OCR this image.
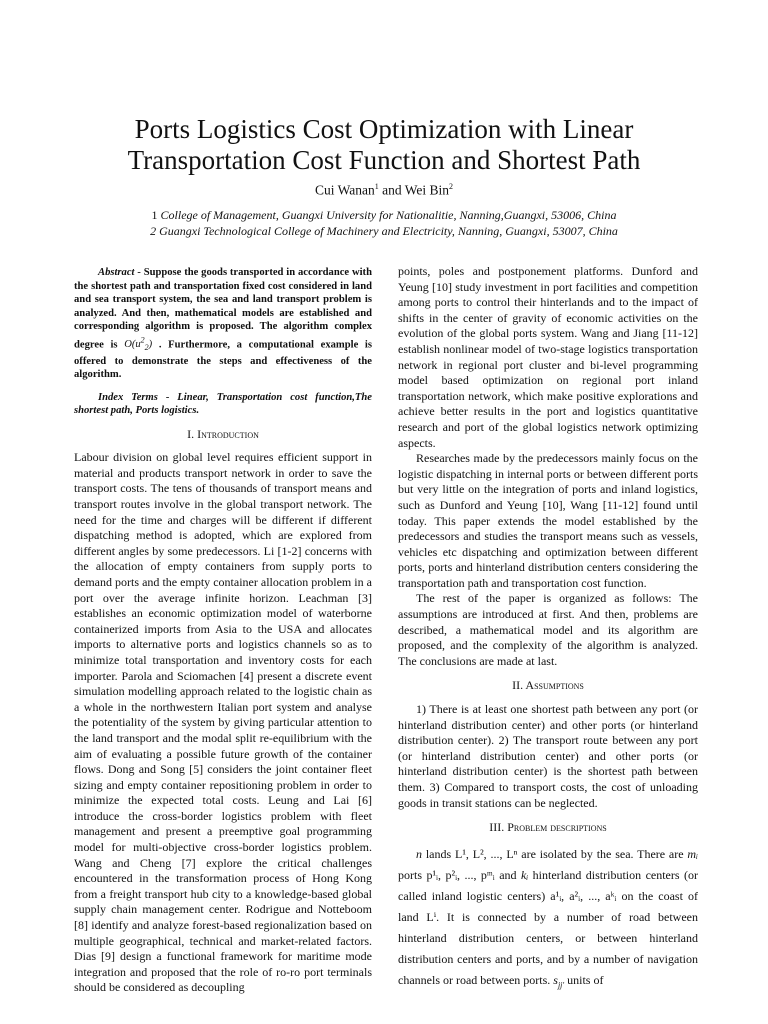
Ports Logistics Cost Optimization with Linear
Transportation Cost Function and Shortest Path
Cui Wanan$^1$ and Wei Bin$^2$
1 College of Management, Guangxi University for Nationalitie, Nanning,Guangxi, 53006, China
2 Guangxi Technological College of Machinery and Electricity, Nanning, Guangxi, 53007, China

Abstract - Suppose the goods transported in accordance with the shortest path and transportation fixed cost considered in land and sea transport system, the sea and land transport problem is analyzed. And then, mathematical models are established and corresponding algorithm is proposed. The algorithm complex degree is $O(u^2_2)$ . Furthermore, a computational example is offered to demonstrate the steps and effectiveness of the algorithm.

Index Terms - Linear, Transportation cost function,The shortest path, Ports logistics.

I. Introduction

Labour division on global level requires efficient support in material and products transport network in order to save the transport costs. The tens of thousands of transport means and transport routes involve in the global transport network. The need for the time and charges will be different if different dispatching method is adopted, which are explored from different angles by some predecessors. Li [1-2] concerns with the allocation of empty containers from supply ports to demand ports and the empty container allocation problem in a port over the average infinite horizon. Leachman [3] establishes an economic optimization model of waterborne containerized imports from Asia to the USA and allocates imports to alternative ports and logistics channels so as to minimize total transportation and inventory costs for each importer. Parola and Sciomachen [4] present a discrete event simulation modelling approach related to the logistic chain as a whole in the northwestern Italian port system and analyse the potentiality of the system by giving particular attention to the land transport and the modal split re-equilibrium with the aim of evaluating a possible future growth of the container flows. Dong and Song [5] considers the joint container fleet sizing and empty container repositioning problem in order to minimize the expected total costs. Leung and Lai [6] introduce the cross-border logistics problem with fleet management and present a preemptive goal programming model for multi-objective cross-border logistics problem. Wang and Cheng [7] explore the critical challenges encountered in the transformation process of Hong Kong from a freight transport hub city to a knowledge-based global supply chain management center. Rodrigue and Notteboom [8] identify and analyze forest-based regionalization based on multiple geographical, technical and market-related factors. Dias [9] design a functional framework for maritime mode integration and proposed that the role of ro-ro port terminals should be considered as decoupling

points, poles and postponement platforms. Dunford and Yeung [10] study investment in port facilities and competition among ports to control their hinterlands and to the impact of shifts in the center of gravity of economic activities on the evolution of the global ports system. Wang and Jiang [11-12] establish nonlinear model of two-stage logistics transportation network in regional port cluster and bi-level programming model based optimization on regional port inland transportation network, which make positive explorations and achieve better results in the port and logistics quantitative research and port of the global logistics network optimizing aspects.

Researches made by the predecessors mainly focus on the logistic dispatching in internal ports or between different ports but very little on the integration of ports and inland logistics, such as Dunford and Yeung [10], Wang [11-12] found until today. This paper extends the model established by the predecessors and studies the transport means such as vessels, vehicles etc dispatching and optimization between different ports, ports and hinterland distribution centers considering the transportation path and transportation cost function.

The rest of the paper is organized as follows: The assumptions are introduced at first. And then, problems are described, a mathematical model and its algorithm are proposed, and the complexity of the algorithm is analyzed. The conclusions are made at last.

II. Assumptions

1) There is at least one shortest path between any port (or hinterland distribution center) and other ports (or hinterland distribution center). 2) The transport route between any port (or hinterland distribution center) and other ports (or hinterland distribution center) is the shortest path between them. 3) Compared to transport costs, the cost of unloading goods in transit stations can be neglected.

III. Problem descriptions

n lands L¹, L², ..., Lⁿ are isolated by the sea. There are mᵢ ports p¹ᵢ, p²ᵢ, ..., pᵐᵢ and kᵢ hinterland distribution centers (or called inland logistic centers) a¹ᵢ, a²ᵢ, ..., aᵏᵢ on the coast of land Lⁱ. It is connected by a number of road between hinterland distribution centers, or between hinterland distribution centers and ports, and by a number of navigation channels or road between ports. $s_{jj'}$ units of
